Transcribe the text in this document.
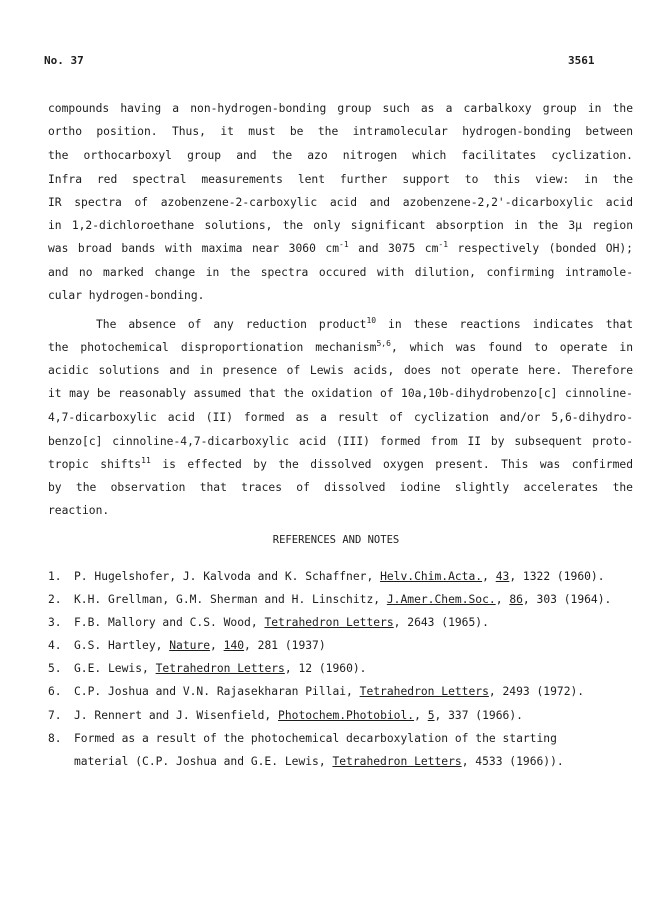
No. 37	3561
compounds having a non-hydrogen-bonding group such as a carbalkoxy group in the
ortho position. Thus, it must be the intramolecular hydrogen-bonding between
the orthocarboxyl group and the azo nitrogen which facilitates cyclization.
Infra red spectral measurements lent further support to this view: in the
IR spectra of azobenzene-2-carboxylic acid and azobenzene-2,2'-dicarboxylic acid
in 1,2-dichloroethane solutions, the only significant absorption in the 3µ region
was broad bands with maxima near 3060 $cm^{-1}$ and 3075 $cm^{-1}$ respectively (bonded OH);
and no marked change in the spectra occured with dilution, confirming intramole-
cular hydrogen-bonding.
The absence of any reduction product$^{10}$ in these reactions indicates that
the photochemical disproportionation mechanism$^{5,6}$, which was found to operate in
acidic solutions and in presence of Lewis acids, does not operate here. Therefore
it may be reasonably assumed that the oxidation of 10a,10b-dihydrobenzo[c] cinnoline-
4,7-dicarboxylic acid (II) formed as a result of cyclization and/or 5,6-dihydro-
benzo[c] cinnoline-4,7-dicarboxylic acid (III) formed from II by subsequent proto-
tropic shifts$^{11}$ is effected by the dissolved oxygen present. This was confirmed
by the observation that traces of dissolved iodine slightly accelerates the
reaction.
REFERENCES AND NOTES
1. P. Hugelshofer, J. Kalvoda and K. Schaffner, Helv.Chim.Acta., 43, 1322 (1960).
2. K.H. Grellman, G.M. Sherman and H. Linschitz, J.Amer.Chem.Soc., 86, 303 (1964).
3. F.B. Mallory and C.S. Wood, Tetrahedron Letters, 2643 (1965).
4. G.S. Hartley, Nature, 140, 281 (1937)
5. G.E. Lewis, Tetrahedron Letters, 12 (1960).
6. C.P. Joshua and V.N. Rajasekharan Pillai, Tetrahedron Letters, 2493 (1972).
7. J. Rennert and J. Wisenfield, Photochem.Photobiol., 5, 337 (1966).
8. Formed as a result of the photochemical decarboxylation of the starting
material (C.P. Joshua and G.E. Lewis, Tetrahedron Letters, 4533 (1966)).
